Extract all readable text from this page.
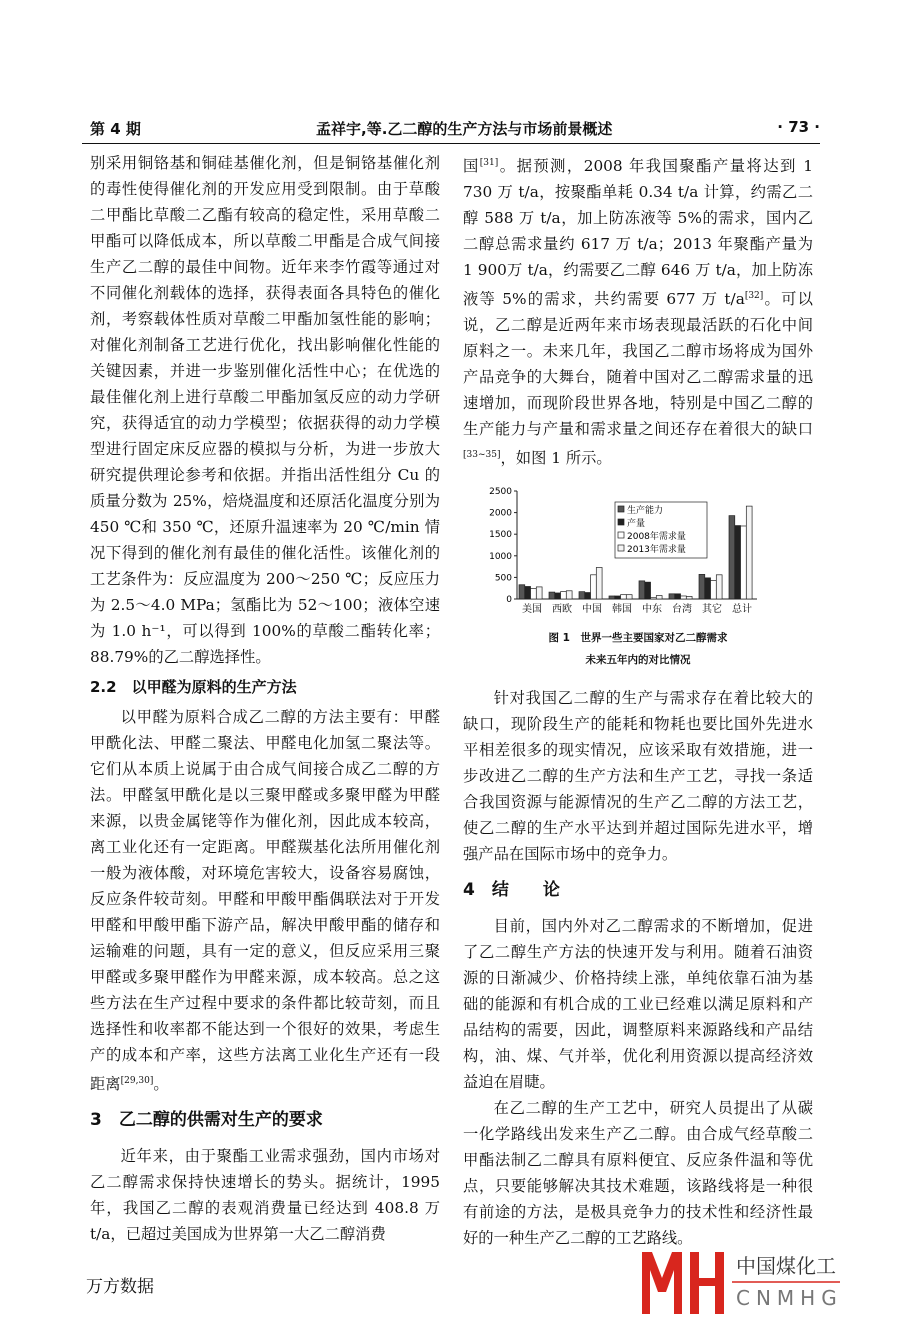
第 4 期	孟祥宇,等.乙二醇的生产方法与市场前景概述	· 73 ·

别采用铜铬基和铜硅基催化剂，但是铜铬基催化剂的毒性使得催化剂的开发应用受到限制。由于草酸二甲酯比草酸二乙酯有较高的稳定性，采用草酸二甲酯可以降低成本，所以草酸二甲酯是合成气间接生产乙二醇的最佳中间物。近年来李竹霞等通过对不同催化剂载体的选择，获得表面各具特色的催化剂，考察载体性质对草酸二甲酯加氢性能的影响；对催化剂制备工艺进行优化，找出影响催化性能的关键因素，并进一步鉴别催化活性中心；在优选的最佳催化剂上进行草酸二甲酯加氢反应的动力学研究，获得适宜的动力学模型；依据获得的动力学模型进行固定床反应器的模拟与分析，为进一步放大研究提供理论参考和依据。并指出活性组分 Cu 的质量分数为 25%，焙烧温度和还原活化温度分别为 450 ℃和 350 ℃，还原升温速率为 20 ℃/min 情况下得到的催化剂有最佳的催化活性。该催化剂的工艺条件为：反应温度为 200～250 ℃；反应压力为 2.5～4.0 MPa；氢酯比为 52～100；液体空速为 1.0 h⁻¹，可以得到 100%的草酸二酯转化率；88.79%的乙二醇选择性。

2.2　以甲醛为原料的生产方法

以甲醛为原料合成乙二醇的方法主要有：甲醛甲酰化法、甲醛二聚法、甲醛电化加氢二聚法等。它们从本质上说属于由合成气间接合成乙二醇的方法。甲醛氢甲酰化是以三聚甲醛或多聚甲醛为甲醛来源，以贵金属铑等作为催化剂，因此成本较高，离工业化还有一定距离。甲醛羰基化法所用催化剂一般为液体酸，对环境危害较大，设备容易腐蚀，反应条件较苛刻。甲醛和甲酸甲酯偶联法对于开发甲醛和甲酸甲酯下游产品，解决甲酸甲酯的储存和运输难的问题，具有一定的意义，但反应采用三聚甲醛或多聚甲醛作为甲醛来源，成本较高。总之这些方法在生产过程中要求的条件都比较苛刻，而且选择性和收率都不能达到一个很好的效果，考虑生产的成本和产率，这些方法离工业化生产还有一段距离[29,30]。

3　乙二醇的供需对生产的要求

近年来，由于聚酯工业需求强劲，国内市场对乙二醇需求保持快速增长的势头。据统计，1995 年，我国乙二醇的表观消费量已经达到 408.8 万 t/a，已超过美国成为世界第一大乙二醇消费

国[31]。据预测，2008 年我国聚酯产量将达到 1 730 万 t/a，按聚酯单耗 0.34 t/a 计算，约需乙二醇 588 万 t/a，加上防冻液等 5%的需求，国内乙二醇总需求量约 617 万 t/a；2013 年聚酯产量为 1 900万 t/a，约需要乙二醇 646 万 t/a，加上防冻液等 5%的需求，共约需要 677 万 t/a[32]。可以说，乙二醇是近两年来市场表现最活跃的石化中间原料之一。未来几年，我国乙二醇市场将成为国外产品竞争的大舞台，随着中国对乙二醇需求量的迅速增加，而现阶段世界各地，特别是中国乙二醇的生产能力与产量和需求量之间还存在着很大的缺口[33~35]，如图 1 所示。

0
500
1000
1500
2000
2500
美国 西欧 中国 韩国 中东 台湾 其它 总计
生产能力
产量
2008年需求量
2013年需求量
图 1　世界一些主要国家对乙二醇需求
未来五年内的对比情况

针对我国乙二醇的生产与需求存在着比较大的缺口，现阶段生产的能耗和物耗也要比国外先进水平相差很多的现实情况，应该采取有效措施，进一步改进乙二醇的生产方法和生产工艺，寻找一条适合我国资源与能源情况的生产乙二醇的方法工艺，使乙二醇的生产水平达到并超过国际先进水平，增强产品在国际市场中的竞争力。

4　结　　论

目前，国内外对乙二醇需求的不断增加，促进了乙二醇生产方法的快速开发与利用。随着石油资源的日渐减少、价格持续上涨，单纯依靠石油为基础的能源和有机合成的工业已经难以满足原料和产品结构的需要，因此，调整原料来源路线和产品结构，油、煤、气并举，优化利用资源以提高经济效益迫在眉睫。

在乙二醇的生产工艺中，研究人员提出了从碳一化学路线出发来生产乙二醇。由合成气经草酸二甲酯法制乙二醇具有原料便宜、反应条件温和等优点，只要能够解决其技术难题，该路线将是一种很有前途的方法，是极具竞争力的技术性和经济性最好的一种生产乙二醇的工艺路线。

中国煤化工
CNMHG
万方数据
